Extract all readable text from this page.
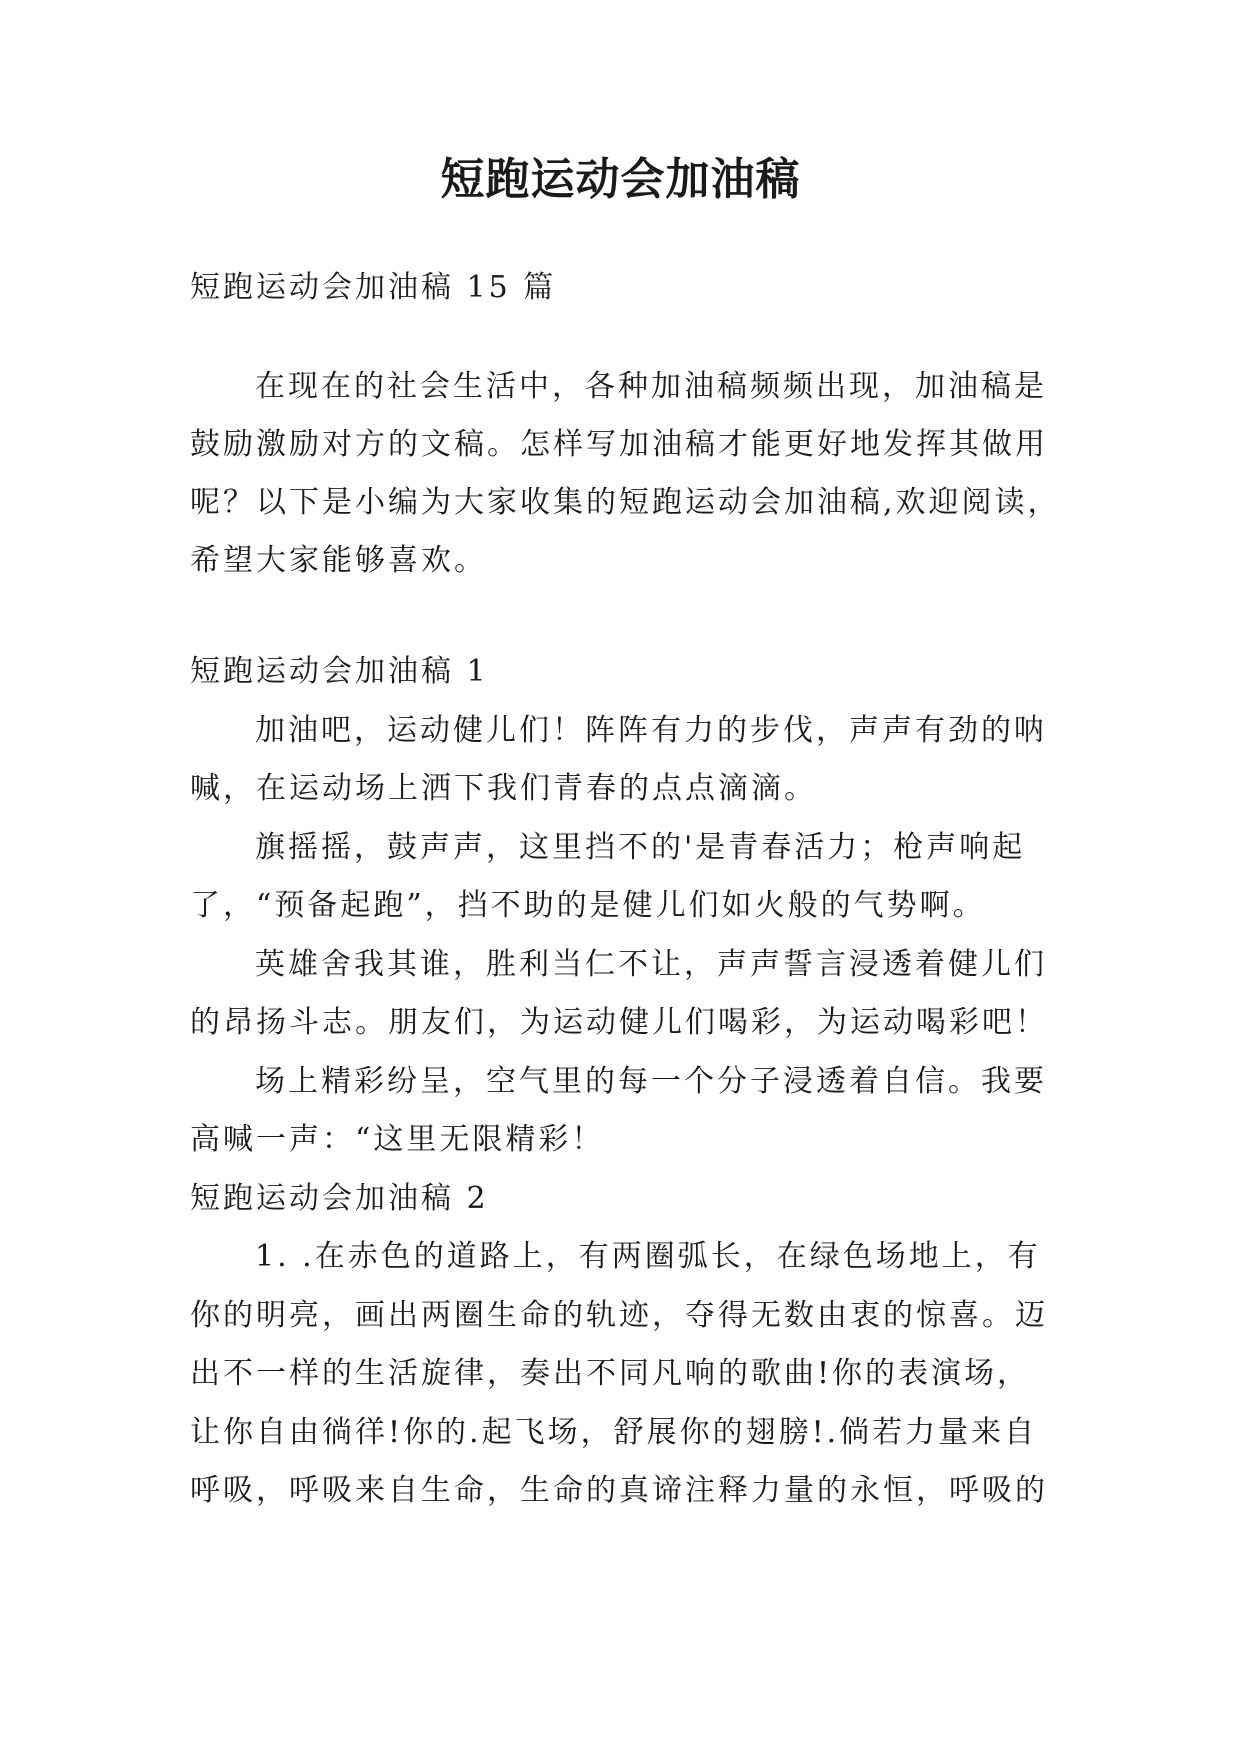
短跑运动会加油稿

短跑运动会加油稿 15 篇

在现在的社会生活中，各种加油稿频频出现，加油稿是

鼓励激励对方的文稿。怎样写加油稿才能更好地发挥其做用

呢？以下是小编为大家收集的短跑运动会加油稿,欢迎阅读，

希望大家能够喜欢。

短跑运动会加油稿 1

加油吧，运动健儿们！阵阵有力的步伐，声声有劲的呐

喊，在运动场上洒下我们青春的点点滴滴。

旗摇摇，鼓声声，这里挡不的'是青春活力；枪声响起

了，“预备起跑”，挡不助的是健儿们如火般的气势啊。

英雄舍我其谁，胜利当仁不让，声声誓言浸透着健儿们

的昂扬斗志。朋友们，为运动健儿们喝彩，为运动喝彩吧！

场上精彩纷呈，空气里的每一个分子浸透着自信。我要

高喊一声：“这里无限精彩！

短跑运动会加油稿 2

1. .在赤色的道路上，有两圈弧长，在绿色场地上，有

你的明亮，画出两圈生命的轨迹，夺得无数由衷的惊喜。迈

出不一样的生活旋律，奏出不同凡响的歌曲!你的表演场，

让你自由徜徉!你的.起飞场，舒展你的翅膀!.倘若力量来自

呼吸，呼吸来自生命，生命的真谛注释力量的永恒，呼吸的
